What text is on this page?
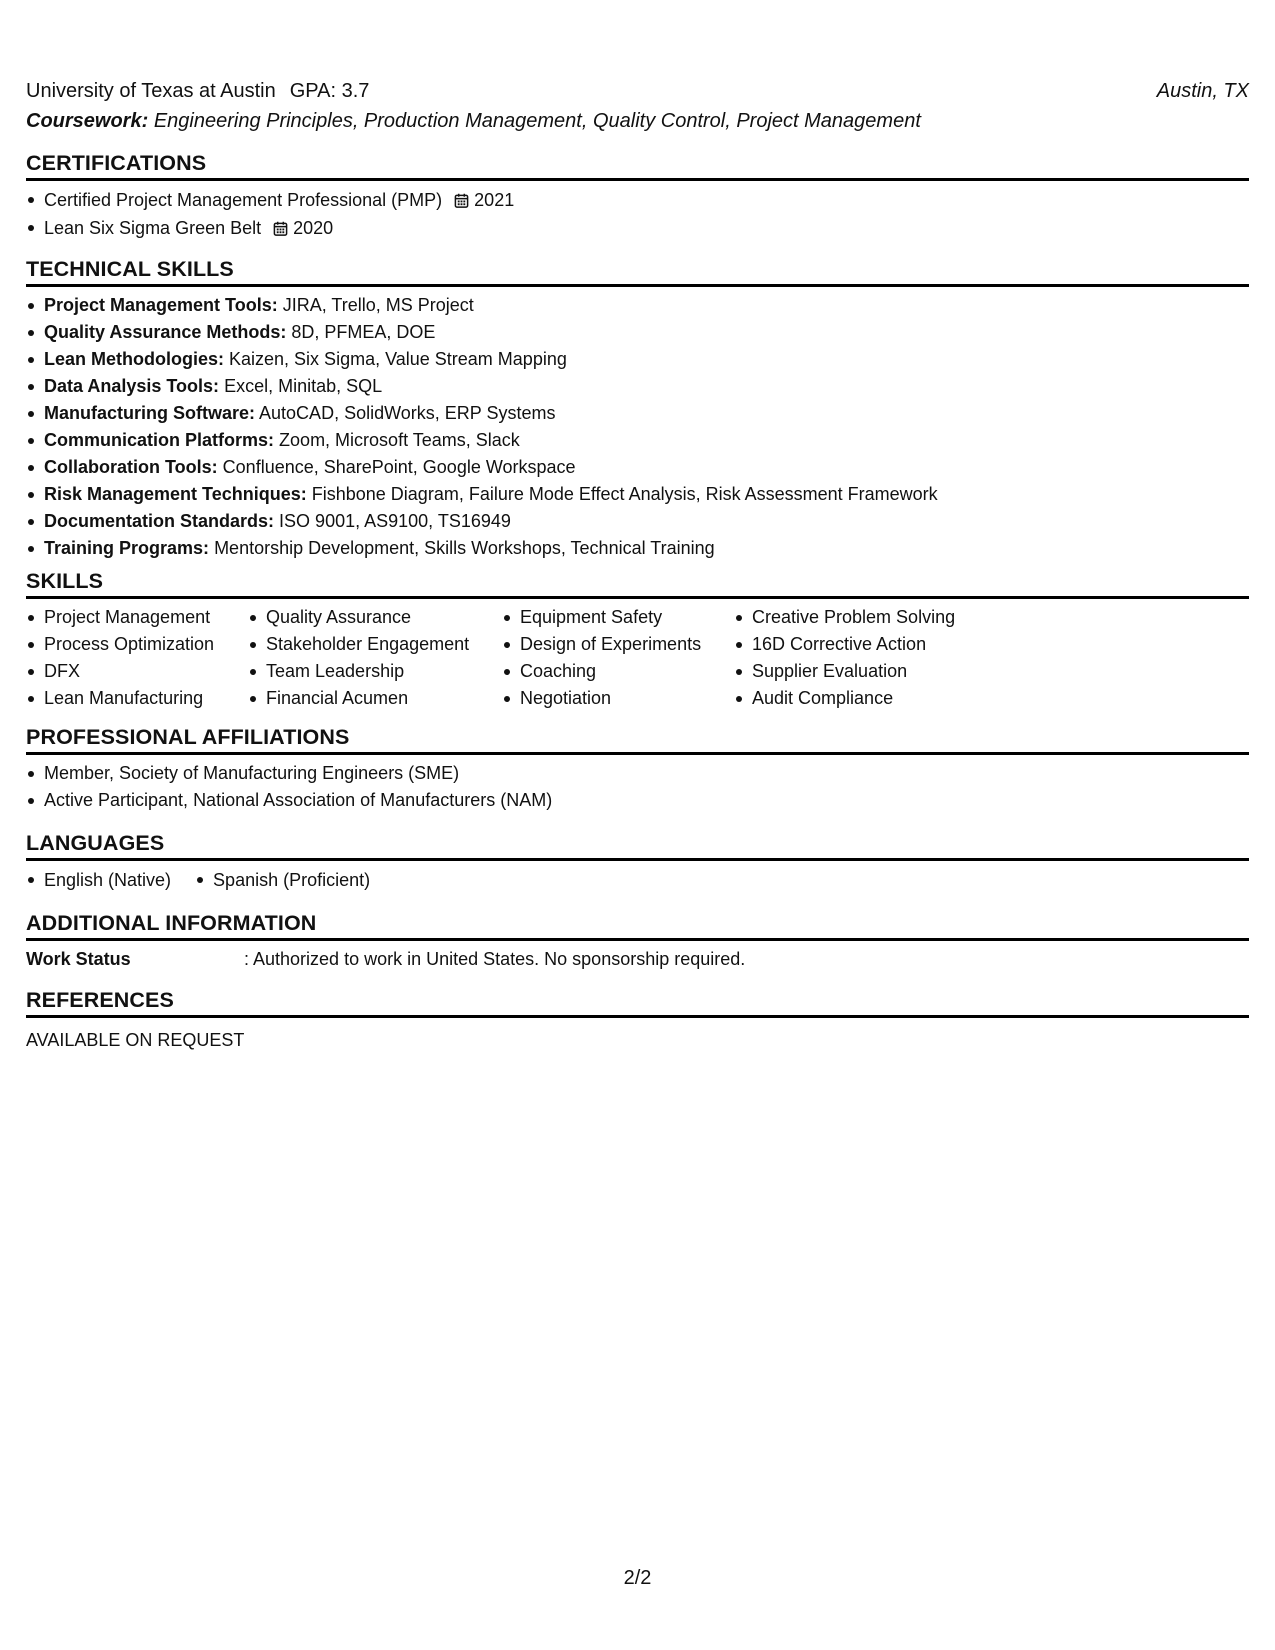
University of Texas at Austin GPA: 3.7	Austin, TX
Coursework: Engineering Principles, Production Management, Quality Control, Project Management
CERTIFICATIONS
Certified Project Management Professional (PMP) 2021
Lean Six Sigma Green Belt 2020
TECHNICAL SKILLS
Project Management Tools: JIRA, Trello, MS Project
Quality Assurance Methods: 8D, PFMEA, DOE
Lean Methodologies: Kaizen, Six Sigma, Value Stream Mapping
Data Analysis Tools: Excel, Minitab, SQL
Manufacturing Software: AutoCAD, SolidWorks, ERP Systems
Communication Platforms: Zoom, Microsoft Teams, Slack
Collaboration Tools: Confluence, SharePoint, Google Workspace
Risk Management Techniques: Fishbone Diagram, Failure Mode Effect Analysis, Risk Assessment Framework
Documentation Standards: ISO 9001, AS9100, TS16949
Training Programs: Mentorship Development, Skills Workshops, Technical Training
SKILLS
Project Management
Process Optimization
DFX
Lean Manufacturing
Quality Assurance
Stakeholder Engagement
Team Leadership
Financial Acumen
Equipment Safety
Design of Experiments
Coaching
Negotiation
Creative Problem Solving
16D Corrective Action
Supplier Evaluation
Audit Compliance
PROFESSIONAL AFFILIATIONS
Member, Society of Manufacturing Engineers (SME)
Active Participant, National Association of Manufacturers (NAM)
LANGUAGES
English (Native)	Spanish (Proficient)
ADDITIONAL INFORMATION
Work Status	: Authorized to work in United States. No sponsorship required.
REFERENCES
AVAILABLE ON REQUEST
2/2
